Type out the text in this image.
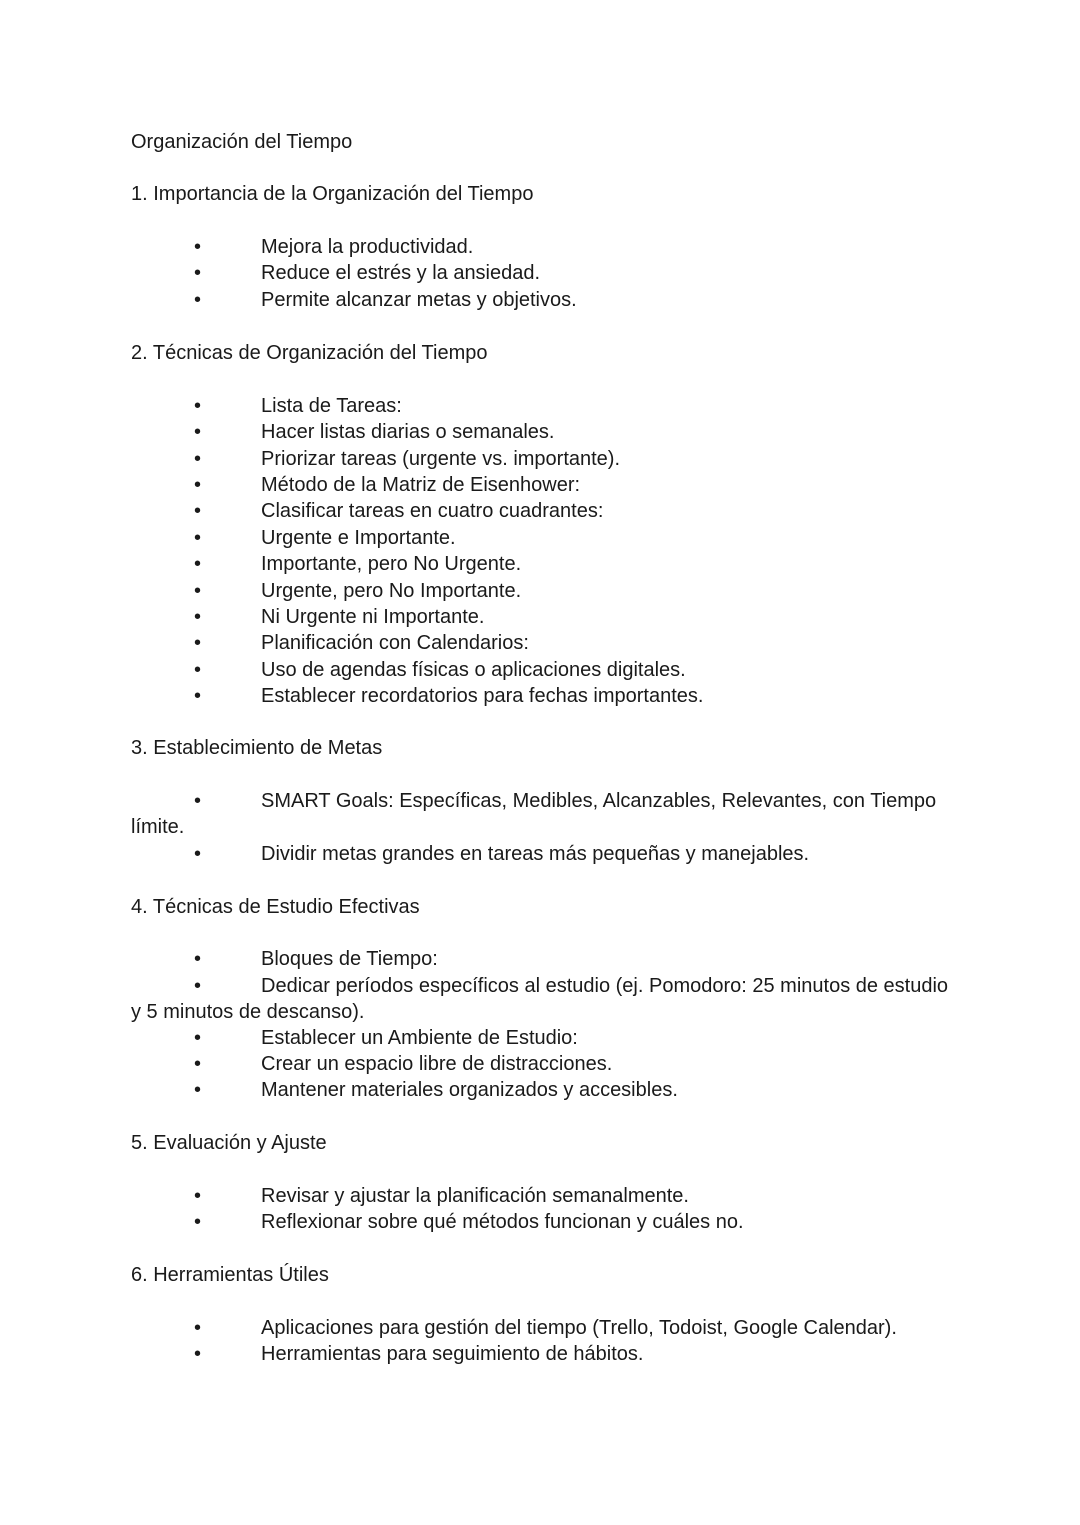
Organización del Tiempo
1. Importancia de la Organización del Tiempo
•	Mejora la productividad.
•	Reduce el estrés y la ansiedad.
•	Permite alcanzar metas y objetivos.
2. Técnicas de Organización del Tiempo
•	Lista de Tareas:
•	Hacer listas diarias o semanales.
•	Priorizar tareas (urgente vs. importante).
•	Método de la Matriz de Eisenhower:
•	Clasificar tareas en cuatro cuadrantes:
•	Urgente e Importante.
•	Importante, pero No Urgente.
•	Urgente, pero No Importante.
•	Ni Urgente ni Importante.
•	Planificación con Calendarios:
•	Uso de agendas físicas o aplicaciones digitales.
•	Establecer recordatorios para fechas importantes.
3. Establecimiento de Metas
•	SMART Goals: Específicas, Medibles, Alcanzables, Relevantes, con Tiempo
límite.
•	Dividir metas grandes en tareas más pequeñas y manejables.
4. Técnicas de Estudio Efectivas
•	Bloques de Tiempo:
•	Dedicar períodos específicos al estudio (ej. Pomodoro: 25 minutos de estudio
y 5 minutos de descanso).
•	Establecer un Ambiente de Estudio:
•	Crear un espacio libre de distracciones.
•	Mantener materiales organizados y accesibles.
5. Evaluación y Ajuste
•	Revisar y ajustar la planificación semanalmente.
•	Reflexionar sobre qué métodos funcionan y cuáles no.
6. Herramientas Útiles
•	Aplicaciones para gestión del tiempo (Trello, Todoist, Google Calendar).
•	Herramientas para seguimiento de hábitos.
